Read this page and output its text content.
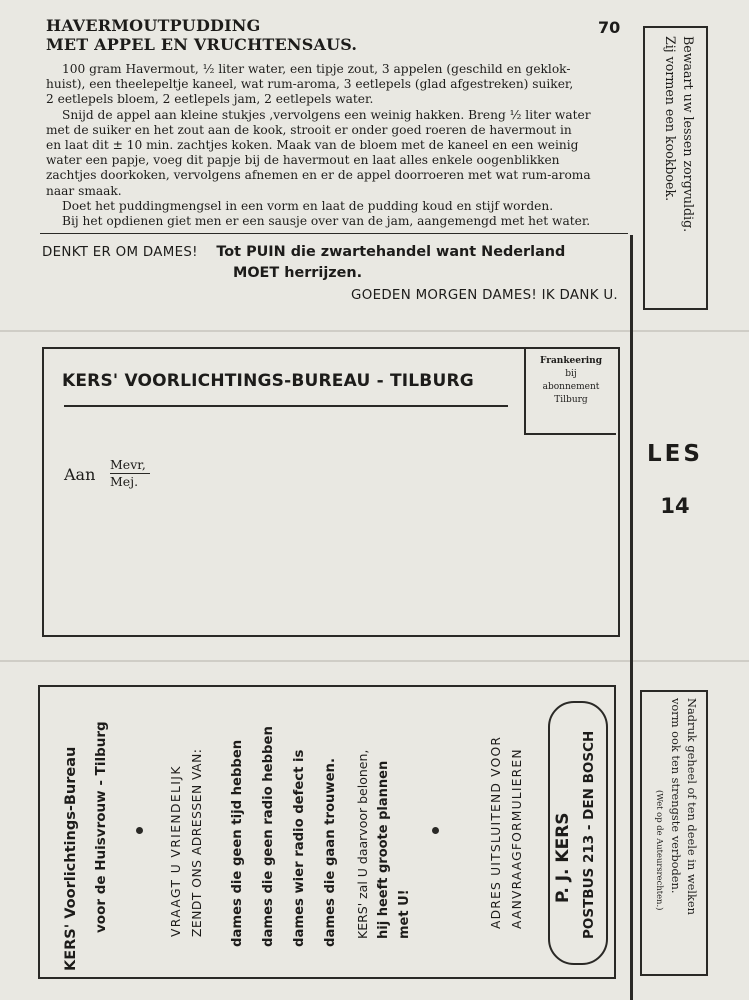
HAVERMOUTPUDDING
MET APPEL EN VRUCHTENSAUS.
70
100 gram Havermout, ½ liter water, een tipje zout, 3 appelen (geschild en geklok-
huist), een theelepeltje kaneel, wat rum-aroma, 3 eetlepels (glad afgestreken) suiker,
2 eetlepels bloem, 2 eetlepels jam, 2 eetlepels water.
Snijd de appel aan kleine stukjes ,vervolgens een weinig hakken. Breng ½ liter water
met de suiker en het zout aan de kook, strooit er onder goed roeren de havermout in
en laat dit ± 10 min. zachtjes koken. Maak van de bloem met de kaneel en een weinig
water een papje, voeg dit papje bij de havermout en laat alles enkele oogenblikken
zachtjes doorkoken, vervolgens afnemen en er de appel doorroeren met wat rum-aroma
naar smaak.
Doet het puddingmengsel in een vorm en laat de pudding koud en stijf worden.
Bij het opdienen giet men er een sausje over van de jam, aangemengd met het water.
DENKT ER OM DAMES! Tot PUIN die zwartehandel want Nederland
MOET herrijzen.
GOEDEN MORGEN DAMES! IK DANK U.
Bewaart uw lessen zorgvuldig.
Zij vormen een kookboek.
KERS' VOORLICHTINGS-BUREAU - TILBURG
Frankeering
bij
abonnement
Tilburg
Aan
Mevr,
Mej.
LES
14
KERS' Voorlichtings-Bureau	voor de Huisvrouw - Tilburg	VRAAGT U VRIENDELIJK ZENDT ONS ADRESSEN VAN:	dames die geen tijd hebben	dames die geen radio hebben	dames wier radio defect is	dames die gaan trouwen.	KERS' zal U daarvoor belonen, hij heeft groote plannen met U!	ADRES UITSLUITEND VOOR AANVRAAGFORMULIEREN P. J. KERS POSTBUS 213 - DEN BOSCH	Nadruk geheel of ten deele in welken
vorm ook ten strengste verboden.
(Wet op de Auteursrechten.)
